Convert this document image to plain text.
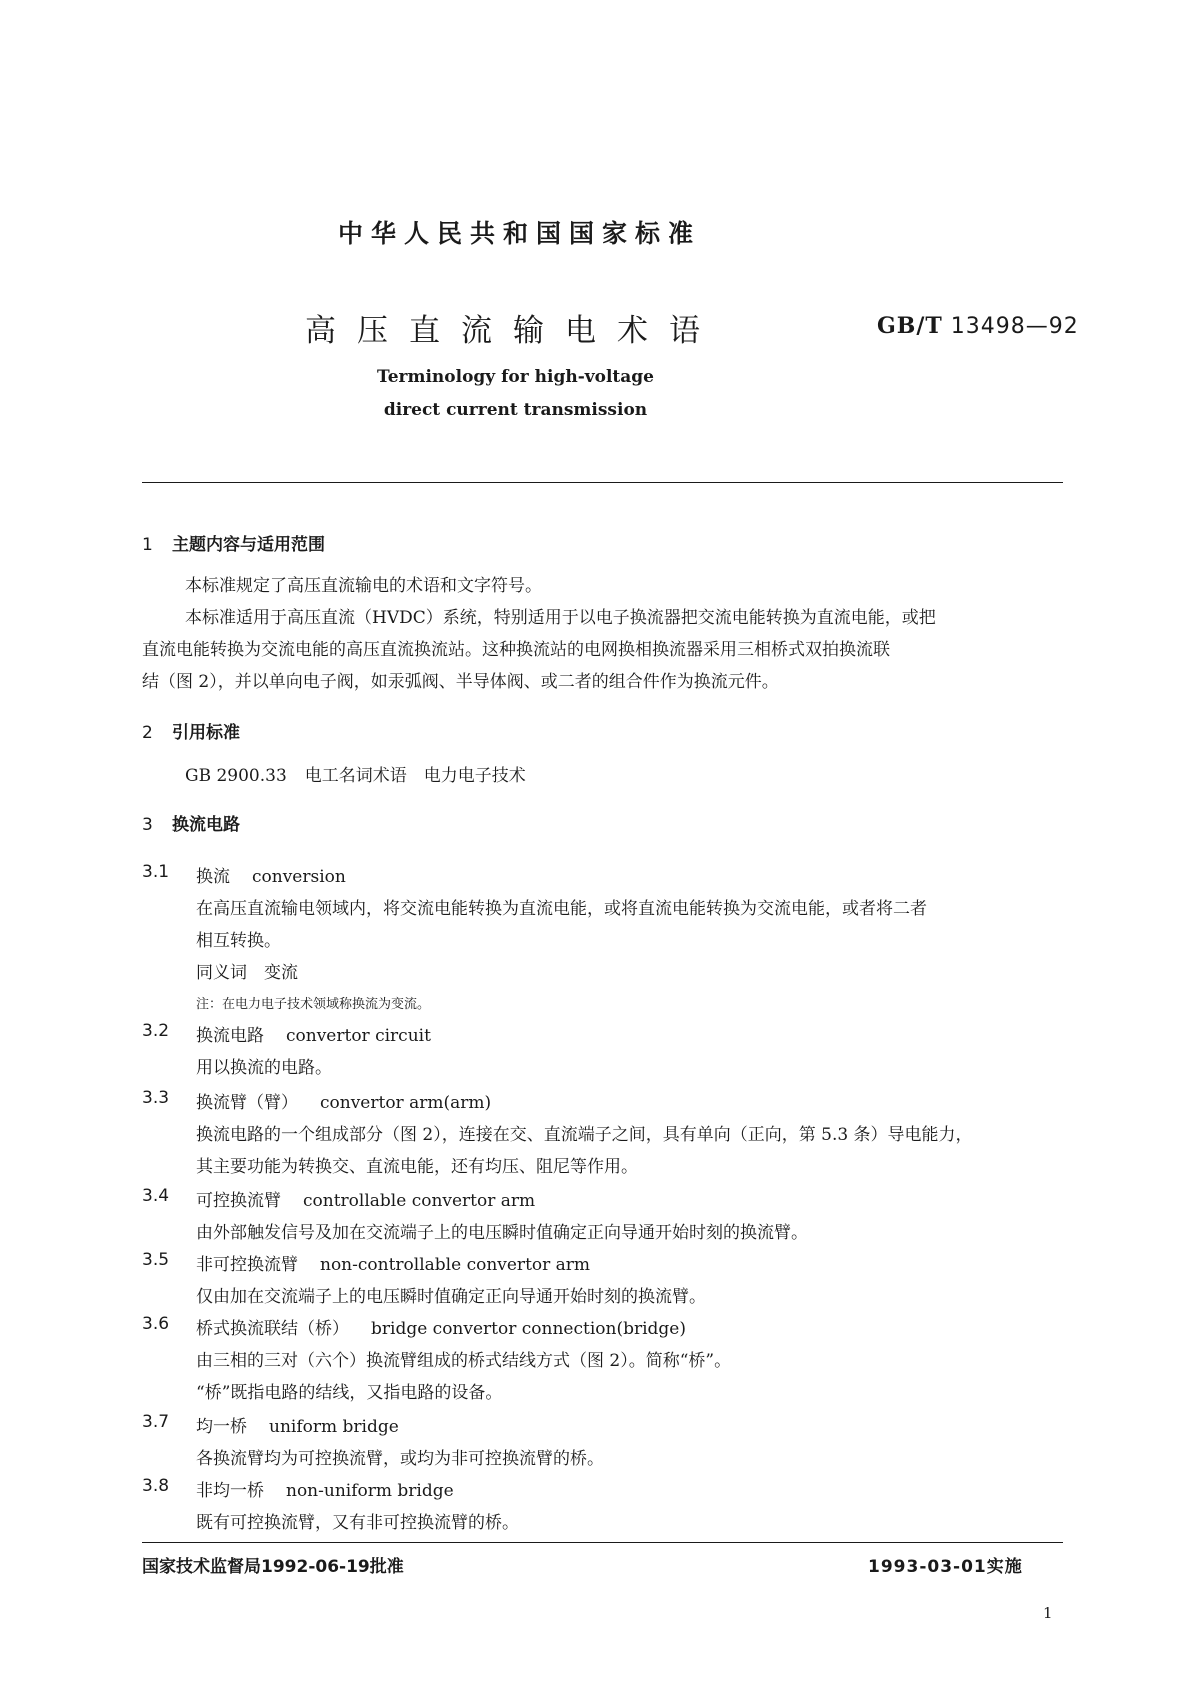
中华人民共和国国家标准
高压直流输电术语	GB/T 13498—92
Terminology for high-voltage
direct current transmission
1 主题内容与适用范围
本标准规定了高压直流输电的术语和文字符号。
本标准适用于高压直流（HVDC）系统，特别适用于以电子换流器把交流电能转换为直流电能，或把
直流电能转换为交流电能的高压直流换流站。这种换流站的电网换相换流器采用三相桥式双拍换流联
结（图 2），并以单向电子阀，如汞弧阀、半导体阀、或二者的组合件作为换流元件。
2 引用标准
GB 2900.33 电工名词术语　电力电子技术
3 换流电路
3.1 换流 conversion
在高压直流输电领域内，将交流电能转换为直流电能，或将直流电能转换为交流电能，或者将二者
相互转换。
同义词　变流
注：在电力电子技术领域称换流为变流。
3.2 换流电路 convertor circuit
用以换流的电路。
3.3 换流臂（臂） convertor arm(arm)
换流电路的一个组成部分（图 2），连接在交、直流端子之间，具有单向（正向，第 5.3 条）导电能力，
其主要功能为转换交、直流电能，还有均压、阻尼等作用。
3.4 可控换流臂 controllable convertor arm
由外部触发信号及加在交流端子上的电压瞬时值确定正向导通开始时刻的换流臂。
3.5 非可控换流臂 non-controllable convertor arm
仅由加在交流端子上的电压瞬时值确定正向导通开始时刻的换流臂。
3.6 桥式换流联结（桥） bridge convertor connection(bridge)
由三相的三对（六个）换流臂组成的桥式结线方式（图 2）。简称“桥”。
“桥”既指电路的结线，又指电路的设备。
3.7 均一桥 uniform bridge
各换流臂均为可控换流臂，或均为非可控换流臂的桥。
3.8 非均一桥 non-uniform bridge
既有可控换流臂，又有非可控换流臂的桥。
国家技术监督局1992-06-19批准	1993-03-01实施
1
